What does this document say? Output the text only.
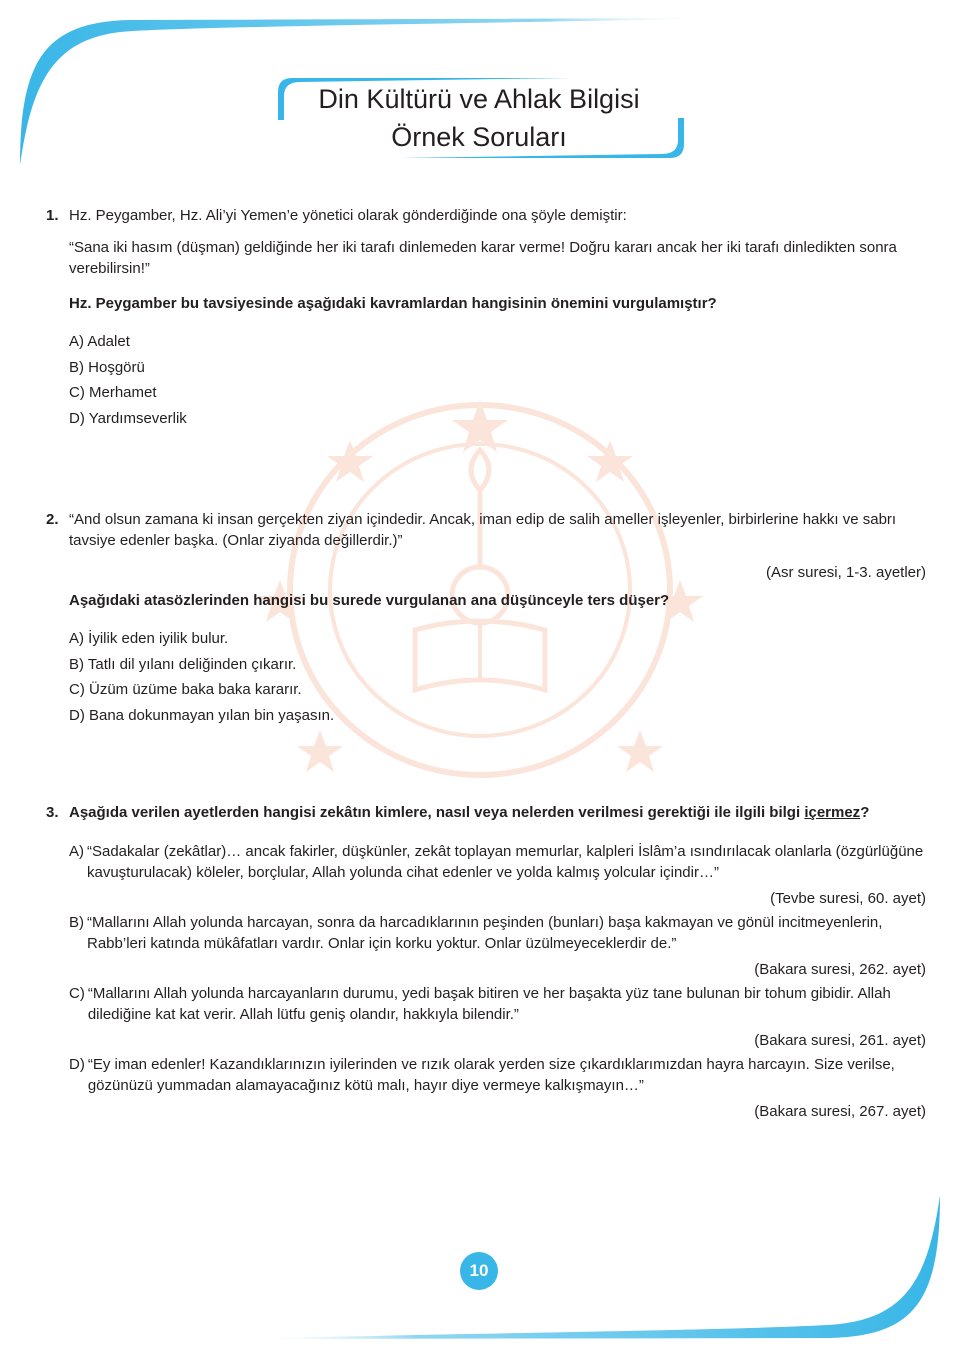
Din Kültürü ve Ahlak Bilgisi
Örnek Soruları
1. Hz. Peygamber, Hz. Ali’yi Yemen’e yönetici olarak gönderdiğinde ona şöyle demiştir:

“Sana iki hasım (düşman) geldiğinde her iki tarafı dinlemeden karar verme! Doğru kararı ancak her iki tarafı dinledikten sonra verebilirsin!”

Hz. Peygamber bu tavsiyesinde aşağıdaki kavramlardan hangisinin önemini vurgulamıştır?

A) Adalet
B) Hoşgörü
C) Merhamet
D) Yardımseverlik
2. “And olsun zamana ki insan gerçekten ziyan içindedir. Ancak, iman edip de salih ameller işleyenler, birbirlerine hakkı ve sabrı tavsiye edenler başka. (Onlar ziyanda değillerdir.)”

(Asr suresi, 1-3. ayetler)

Aşağıdaki atasözlerinden hangisi bu surede vurgulanan ana düşünceyle ters düşer?

A) İyilik eden iyilik bulur.
B) Tatlı dil yılanı deliğinden çıkarır.
C) Üzüm üzüme baka baka kararır.
D) Bana dokunmayan yılan bin yaşasın.
3. Aşağıda verilen ayetlerden hangisi zekâtın kimlere, nasıl veya nelerden verilmesi gerektiği ile ilgili bilgi içermez?

A) “Sadakalar (zekâtlar)… ancak fakirler, düşkünler, zekât toplayan memurlar, kalpleri İslâm’a ısındırılacak olanlarla (özgürlüğüne kavuşturulacak) köleler, borçlular, Allah yolunda cihat edenler ve yolda kalmış yolcular içindir…”

(Tevbe suresi, 60. ayet)

B) “Mallarını Allah yolunda harcayan, sonra da harcadıklarının peşinden (bunları) başa kakmayan ve gönül incitmeyenlerin, Rabb’leri katında mükâfatları vardır. Onlar için korku yoktur. Onlar üzülmeyeceklerdir de.”

(Bakara suresi, 262. ayet)

C) “Mallarını Allah yolunda harcayanların durumu, yedi başak bitiren ve her başakta yüz tane bulunan bir tohum gibidir. Allah dilediğine kat kat verir. Allah lütfu geniş olandır, hakkıyla bilendir.”

(Bakara suresi, 261. ayet)

D) “Ey iman edenler! Kazandıklarınızın iyilerinden ve rızık olarak yerden size çıkardıklarımızdan hayra harcayın. Size verilse, gözünüzü yummadan alamayacağınız kötü malı, hayır diye vermeye kalkışmayın…”

(Bakara suresi, 267. ayet)

10
